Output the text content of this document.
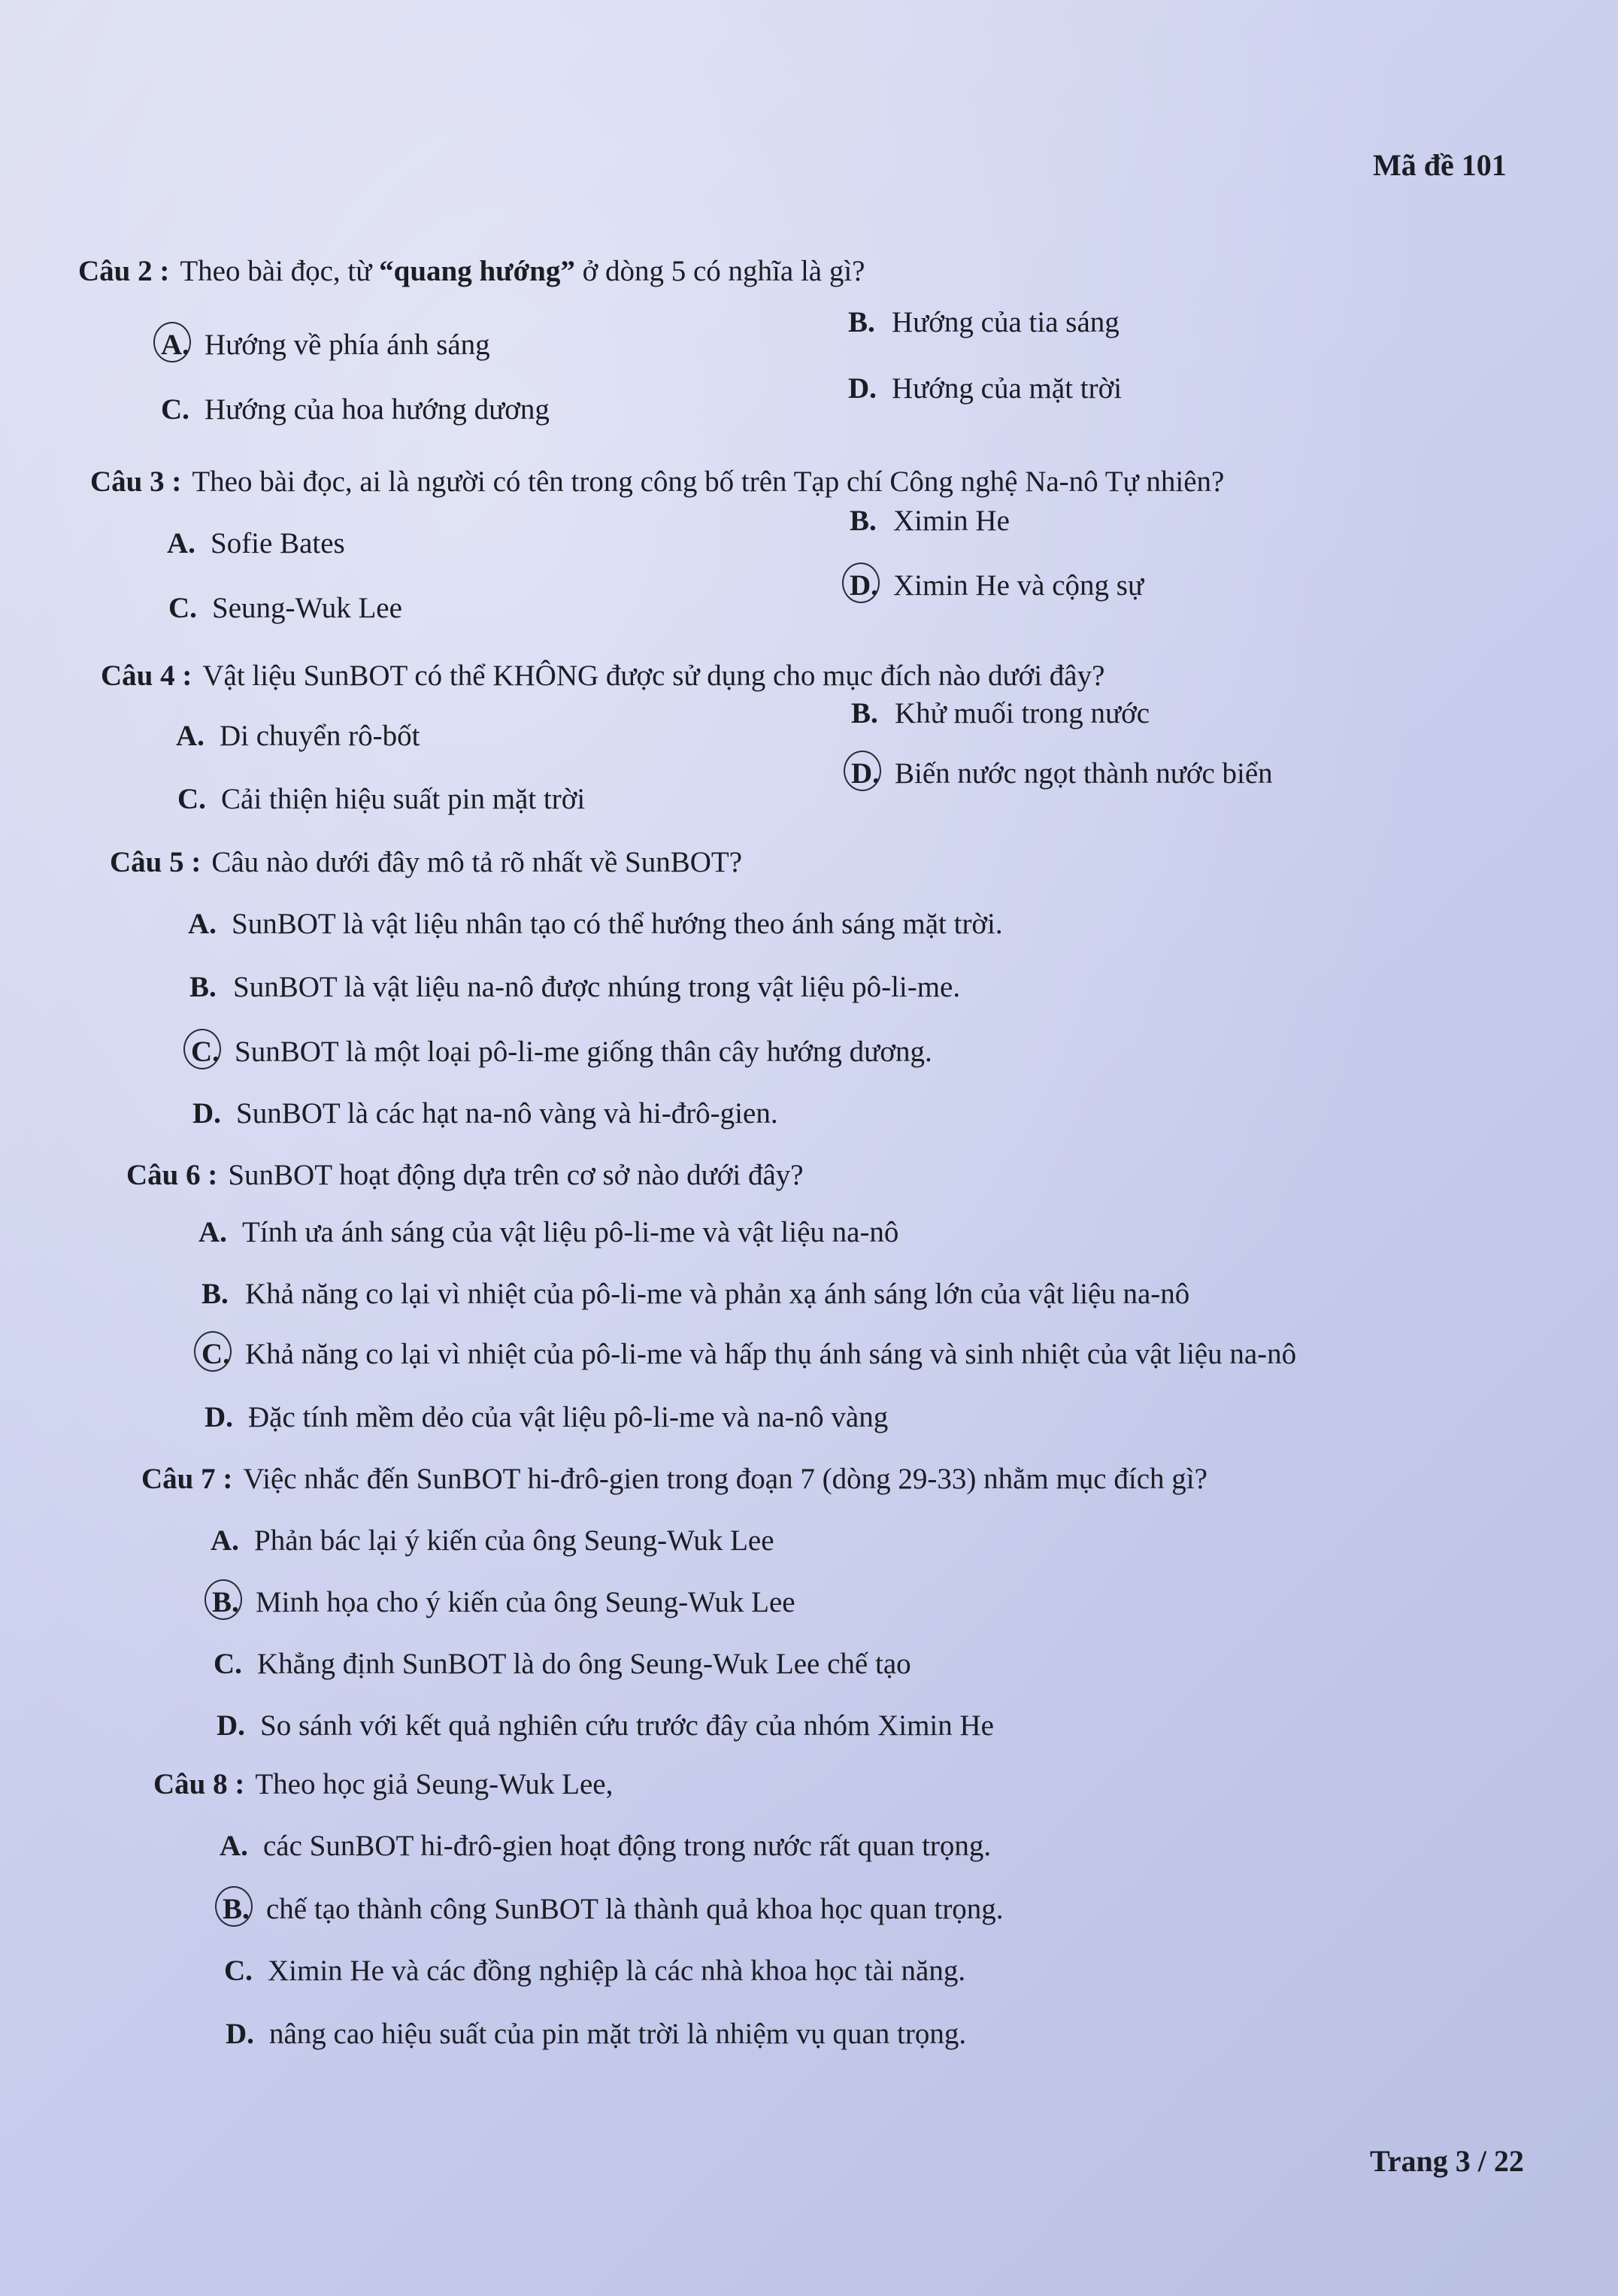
Mã đề 101
Câu 2 : Theo bài đọc, từ “quang hướng” ở dòng 5 có nghĩa là gì?
A. Hướng về phía ánh sáng
B. Hướng của tia sáng
C. Hướng của hoa hướng dương
D. Hướng của mặt trời
Câu 3 : Theo bài đọc, ai là người có tên trong công bố trên Tạp chí Công nghệ Na-nô Tự nhiên?
A. Sofie Bates
B. Ximin He
C. Seung-Wuk Lee
D. Ximin He và cộng sự
Câu 4 : Vật liệu SunBOT có thể KHÔNG được sử dụng cho mục đích nào dưới đây?
A. Di chuyển rô-bốt
B. Khử muối trong nước
C. Cải thiện hiệu suất pin mặt trời
D. Biến nước ngọt thành nước biển
Câu 5 : Câu nào dưới đây mô tả rõ nhất về SunBOT?
A. SunBOT là vật liệu nhân tạo có thể hướng theo ánh sáng mặt trời.
B. SunBOT là vật liệu na-nô được nhúng trong vật liệu pô-li-me.
C. SunBOT là một loại pô-li-me giống thân cây hướng dương.
D. SunBOT là các hạt na-nô vàng và hi-đrô-gien.
Câu 6 : SunBOT hoạt động dựa trên cơ sở nào dưới đây?
A. Tính ưa ánh sáng của vật liệu pô-li-me và vật liệu na-nô
B. Khả năng co lại vì nhiệt của pô-li-me và phản xạ ánh sáng lớn của vật liệu na-nô
C. Khả năng co lại vì nhiệt của pô-li-me và hấp thụ ánh sáng và sinh nhiệt của vật liệu na-nô
D. Đặc tính mềm dẻo của vật liệu pô-li-me và na-nô vàng
Câu 7 : Việc nhắc đến SunBOT hi-đrô-gien trong đoạn 7 (dòng 29-33) nhằm mục đích gì?
A. Phản bác lại ý kiến của ông Seung-Wuk Lee
B. Minh họa cho ý kiến của ông Seung-Wuk Lee
C. Khẳng định SunBOT là do ông Seung-Wuk Lee chế tạo
D. So sánh với kết quả nghiên cứu trước đây của nhóm Ximin He
Câu 8 : Theo học giả Seung-Wuk Lee,
A. các SunBOT hi-đrô-gien hoạt động trong nước rất quan trọng.
B. chế tạo thành công SunBOT là thành quả khoa học quan trọng.
C. Ximin He và các đồng nghiệp là các nhà khoa học tài năng.
D. nâng cao hiệu suất của pin mặt trời là nhiệm vụ quan trọng.
Trang 3 / 22
